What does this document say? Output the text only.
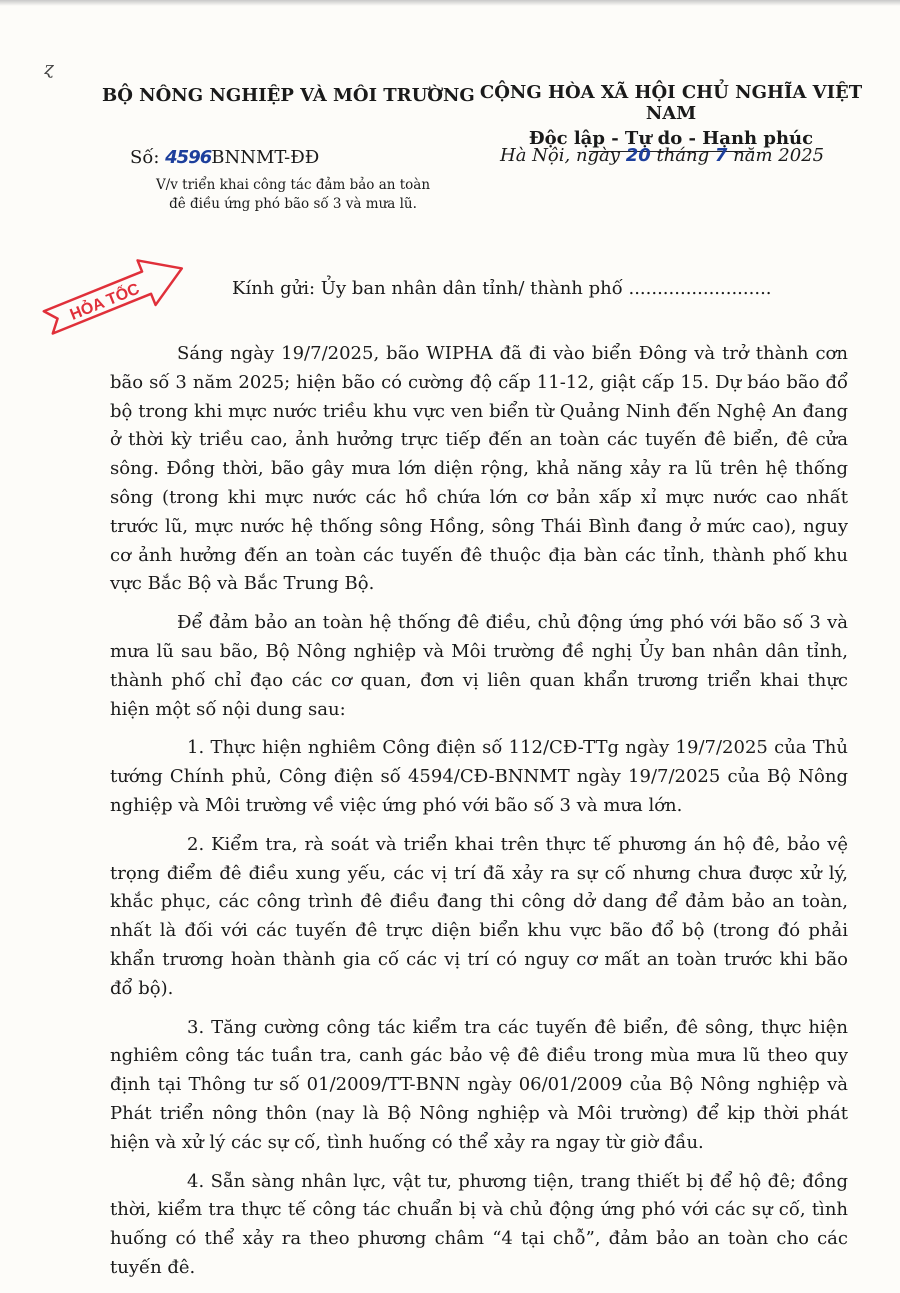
ɀ
BỘ NÔNG NGHIỆP VÀ MÔI TRƯỜNG CỘNG HÒA XÃ HỘI CHỦ NGHĨA VIỆT NAM
Độc lập - Tự do - Hạnh phúc
Số: 4596BNNMT-ĐĐ
V/v triển khai công tác đảm bảo an toàn
đê điều ứng phó bão số 3 và mưa lũ.
Hà Nội, ngày 20 tháng 7 năm 2025
HỎA TỐC	Kính gửi: Ủy ban nhân dân tỉnh/ thành phố .........................

Sáng ngày 19/7/2025, bão WIPHA đã đi vào biển Đông và trở thành cơn bão số 3 năm 2025; hiện bão có cường độ cấp 11-12, giật cấp 15. Dự báo bão đổ bộ trong khi mực nước triều khu vực ven biển từ Quảng Ninh đến Nghệ An đang ở thời kỳ triều cao, ảnh hưởng trực tiếp đến an toàn các tuyến đê biển, đê cửa sông. Đồng thời, bão gây mưa lớn diện rộng, khả năng xảy ra lũ trên hệ thống sông (trong khi mực nước các hồ chứa lớn cơ bản xấp xỉ mực nước cao nhất trước lũ, mực nước hệ thống sông Hồng, sông Thái Bình đang ở mức cao), nguy cơ ảnh hưởng đến an toàn các tuyến đê thuộc địa bàn các tỉnh, thành phố khu vực Bắc Bộ và Bắc Trung Bộ.

Để đảm bảo an toàn hệ thống đê điều, chủ động ứng phó với bão số 3 và mưa lũ sau bão, Bộ Nông nghiệp và Môi trường đề nghị Ủy ban nhân dân tỉnh, thành phố chỉ đạo các cơ quan, đơn vị liên quan khẩn trương triển khai thực hiện một số nội dung sau:

1. Thực hiện nghiêm Công điện số 112/CĐ-TTg ngày 19/7/2025 của Thủ tướng Chính phủ, Công điện số 4594/CĐ-BNNMT ngày 19/7/2025 của Bộ Nông nghiệp và Môi trường về việc ứng phó với bão số 3 và mưa lớn.

2. Kiểm tra, rà soát và triển khai trên thực tế phương án hộ đê, bảo vệ trọng điểm đê điều xung yếu, các vị trí đã xảy ra sự cố nhưng chưa được xử lý, khắc phục, các công trình đê điều đang thi công dở dang để đảm bảo an toàn, nhất là đối với các tuyến đê trực diện biển khu vực bão đổ bộ (trong đó phải khẩn trương hoàn thành gia cố các vị trí có nguy cơ mất an toàn trước khi bão đổ bộ).

3. Tăng cường công tác kiểm tra các tuyến đê biển, đê sông, thực hiện nghiêm công tác tuần tra, canh gác bảo vệ đê điều trong mùa mưa lũ theo quy định tại Thông tư số 01/2009/TT-BNN ngày 06/01/2009 của Bộ Nông nghiệp và Phát triển nông thôn (nay là Bộ Nông nghiệp và Môi trường) để kịp thời phát hiện và xử lý các sự cố, tình huống có thể xảy ra ngay từ giờ đầu.

4. Sẵn sàng nhân lực, vật tư, phương tiện, trang thiết bị để hộ đê; đồng thời, kiểm tra thực tế công tác chuẩn bị và chủ động ứng phó với các sự cố, tình huống có thể xảy ra theo phương châm “4 tại chỗ”, đảm bảo an toàn cho các tuyến đê.
